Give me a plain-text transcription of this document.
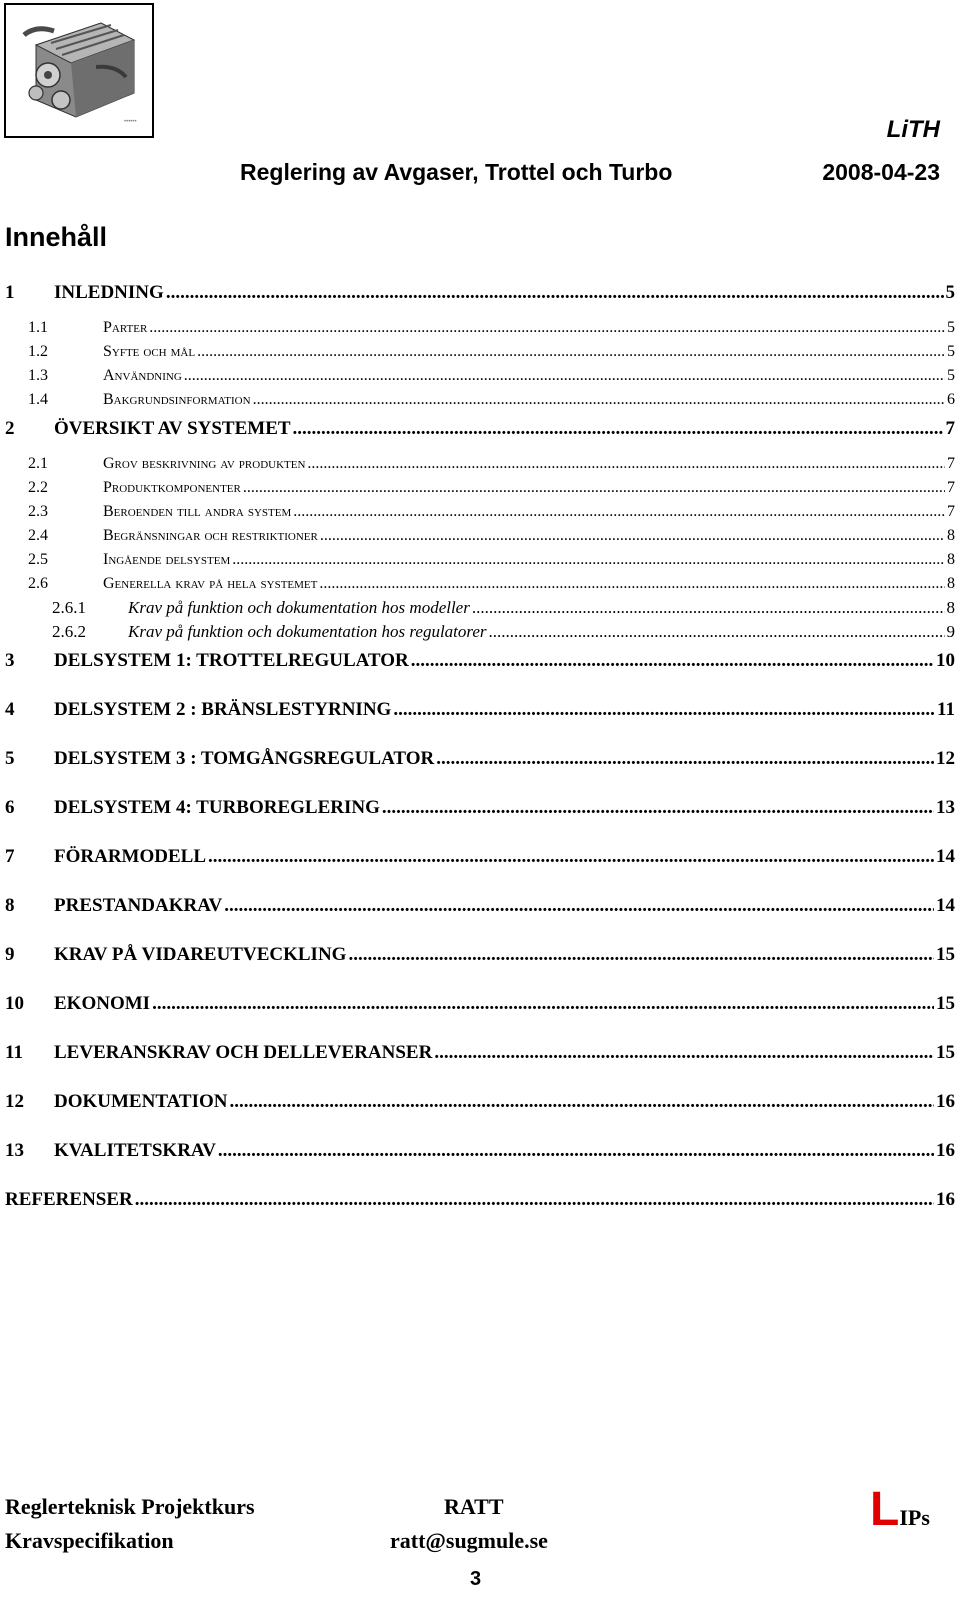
••••••	LiTH
Reglering av Avgaser, Trottel och Turbo	2008-04-23
Innehåll
1	INLEDNING .....	5
1.1	Parter .....	5
1.2	Syfte och mål .....	5
1.3	Användning .....	5
1.4	Bakgrundsinformation .....	6
2	ÖVERSIKT AV SYSTEMET .....	7
2.1	Grov beskrivning av produkten .....	7
2.2	Produktkomponenter .....	7
2.3	Beroenden till andra system .....	7
2.4	Begränsningar och restriktioner .....	8
2.5	Ingående delsystem .....	8
2.6	Generella krav på hela systemet .....	8
2.6.1	Krav på funktion och dokumentation hos modeller .....	8
2.6.2	Krav på funktion och dokumentation hos regulatorer .....	9
3	DELSYSTEM 1: TROTTELREGULATOR .....	10
4	DELSYSTEM 2 : BRÄNSLESTYRNING .....	11
5	DELSYSTEM 3 : TOMGÅNGSREGULATOR .....	12
6	DELSYSTEM 4: TURBOREGLERING .....	13
7	FÖRARMODELL .....	14
8	PRESTANDAKRAV .....	14
9	KRAV PÅ VIDAREUTVECKLING .....	15
10	EKONOMI .....	15
11	LEVERANSKRAV OCH DELLEVERANSER .....	15
12	DOKUMENTATION .....	16
13	KVALITETSKRAV .....	16
REFERENSER .....	16
Reglerteknisk Projektkurs
Kravspecifikation
RATT
ratt@sugmule.se
3
LIPs
